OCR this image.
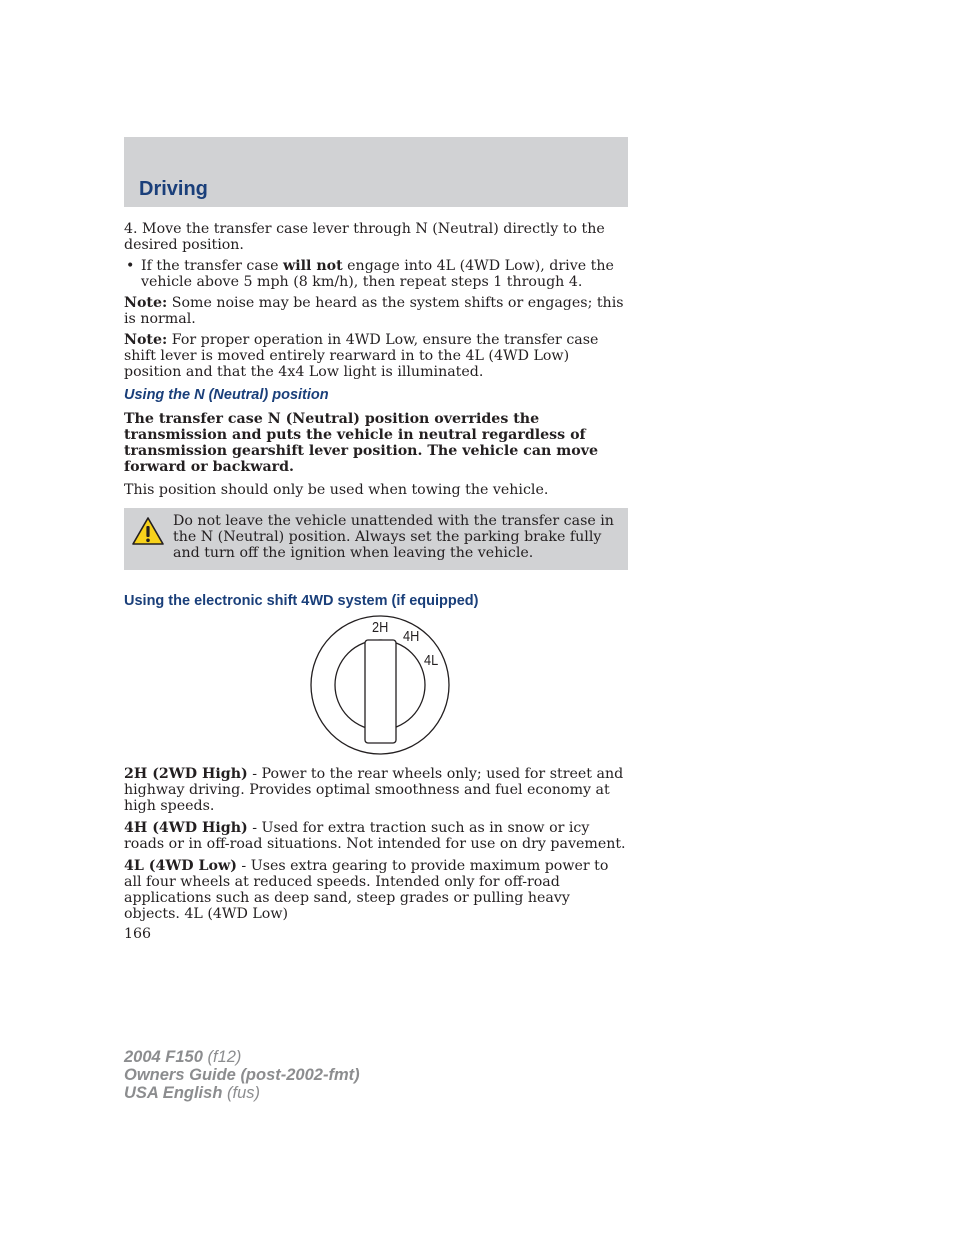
Driving

4. Move the transfer case lever through N (Neutral) directly to the desired position.

• If the transfer case will not engage into 4L (4WD Low), drive the vehicle above 5 mph (8 km/h), then repeat steps 1 through 4.

Note: Some noise may be heard as the system shifts or engages; this is normal.

Note: For proper operation in 4WD Low, ensure the transfer case shift lever is moved entirely rearward in to the 4L (4WD Low) position and that the 4x4 Low light is illuminated.

Using the N (Neutral) position

The transfer case N (Neutral) position overrides the transmission and puts the vehicle in neutral regardless of transmission gearshift lever position. The vehicle can move forward or backward.

This position should only be used when towing the vehicle.

Do not leave the vehicle unattended with the transfer case in the N (Neutral) position. Always set the parking brake fully and turn off the ignition when leaving the vehicle.
Using the electronic shift 4WD system (if equipped)
2H
4H
4L

2H (2WD High) - Power to the rear wheels only; used for street and highway driving. Provides optimal smoothness and fuel economy at high speeds.

4H (4WD High) - Used for extra traction such as in snow or icy roads or in off-road situations. Not intended for use on dry pavement.

4L (4WD Low) - Uses extra gearing to provide maximum power to all four wheels at reduced speeds. Intended only for off-road applications such as deep sand, steep grades or pulling heavy objects. 4L (4WD Low)

166
2004 F150 (f12)
Owners Guide (post-2002-fmt)
USA English (fus)
